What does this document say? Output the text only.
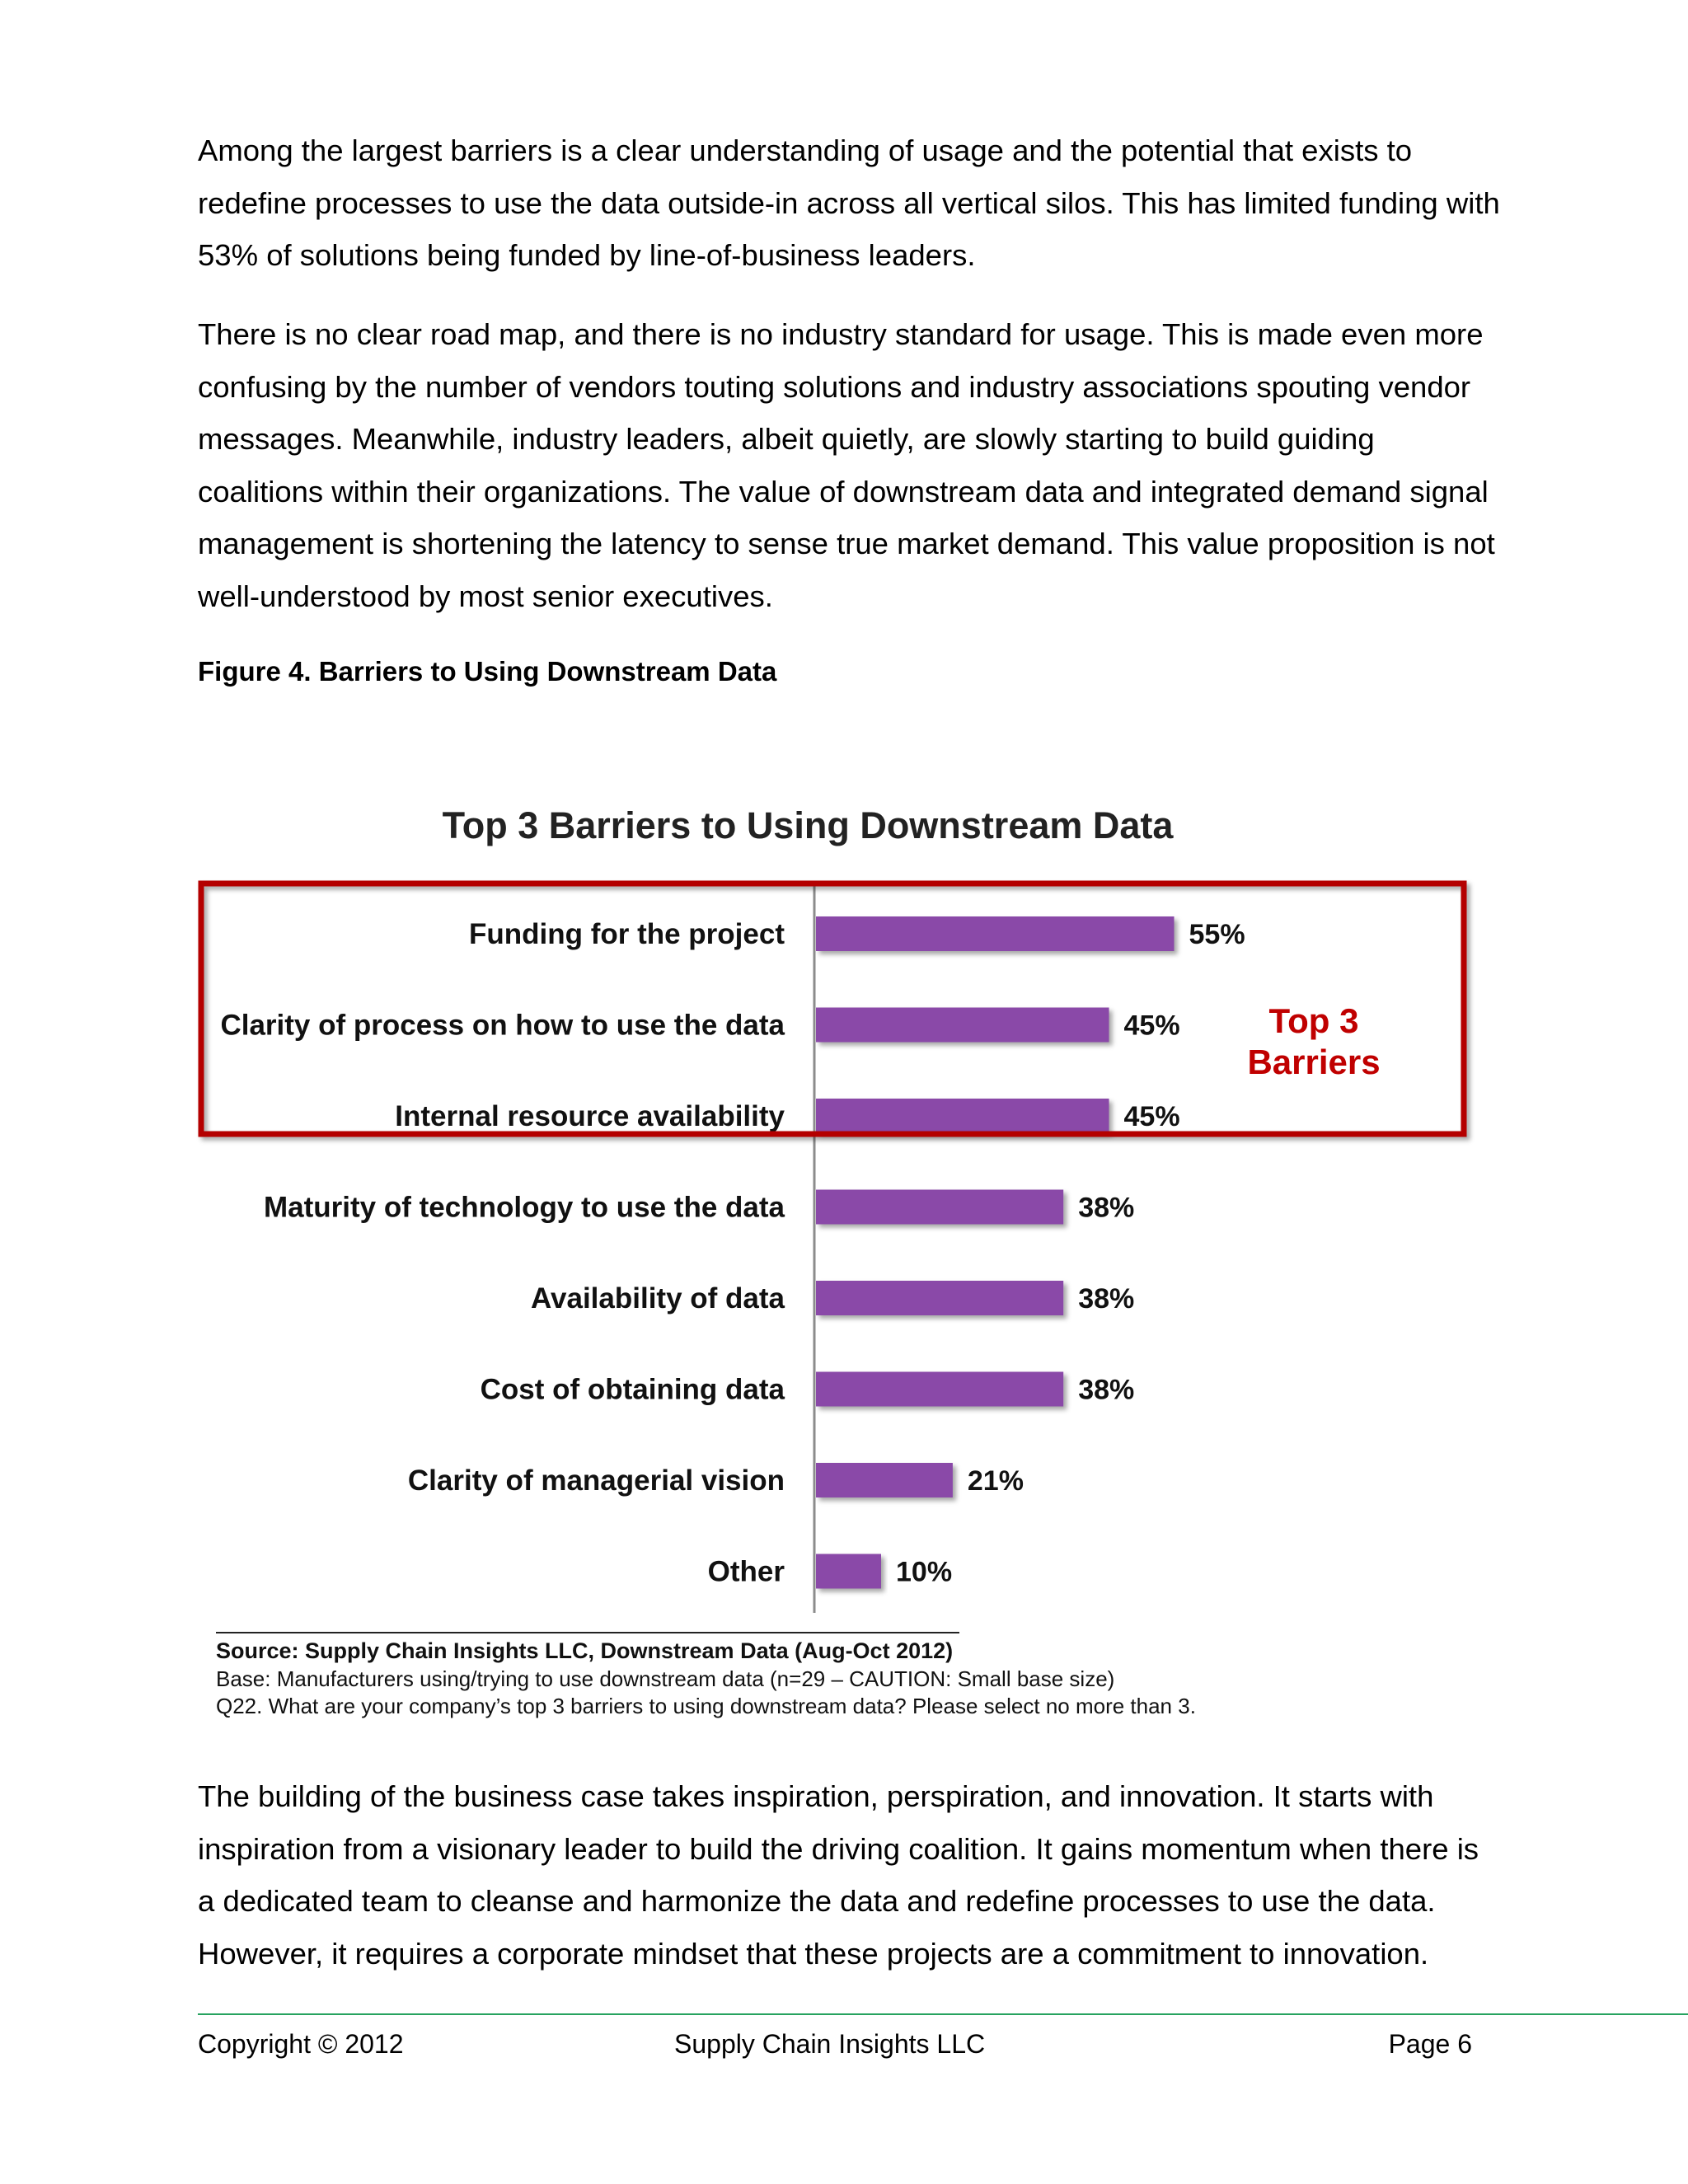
Among the largest barriers is a clear understanding of usage and the potential that exists to redefine processes to use the data outside-in across all vertical silos. This has limited funding with 53% of solutions being funded by line-of-business leaders.

There is no clear road map, and there is no industry standard for usage. This is made even more confusing by the number of vendors touting solutions and industry associations spouting vendor messages. Meanwhile, industry leaders, albeit quietly, are slowly starting to build guiding coalitions within their organizations. The value of downstream data and integrated demand signal management is shortening the latency to sense true market demand. This value proposition is not well-understood by most senior executives.

Figure 4. Barriers to Using Downstream Data

Top 3 Barriers to Using Downstream Data
Funding for the project	55%
Clarity of process on how to use the data	45%
Internal resource availability	45%
Maturity of technology to use the data	38%
Availability of data	38%
Cost of obtaining data	38%
Clarity of managerial vision	21%
Other	10%
Top 3
Barriers
Source: Supply Chain Insights LLC, Downstream Data (Aug-Oct 2012)
Base: Manufacturers using/trying to use downstream data (n=29 – CAUTION: Small base size)
Q22. What are your company’s top 3 barriers to using downstream data? Please select no more than 3.

The building of the business case takes inspiration, perspiration, and innovation. It starts with inspiration from a visionary leader to build the driving coalition. It gains momentum when there is a dedicated team to cleanse and harmonize the data and redefine processes to use the data. However, it requires a corporate mindset that these projects are a commitment to innovation.

Copyright © 2012	Supply Chain Insights LLC	Page 6
